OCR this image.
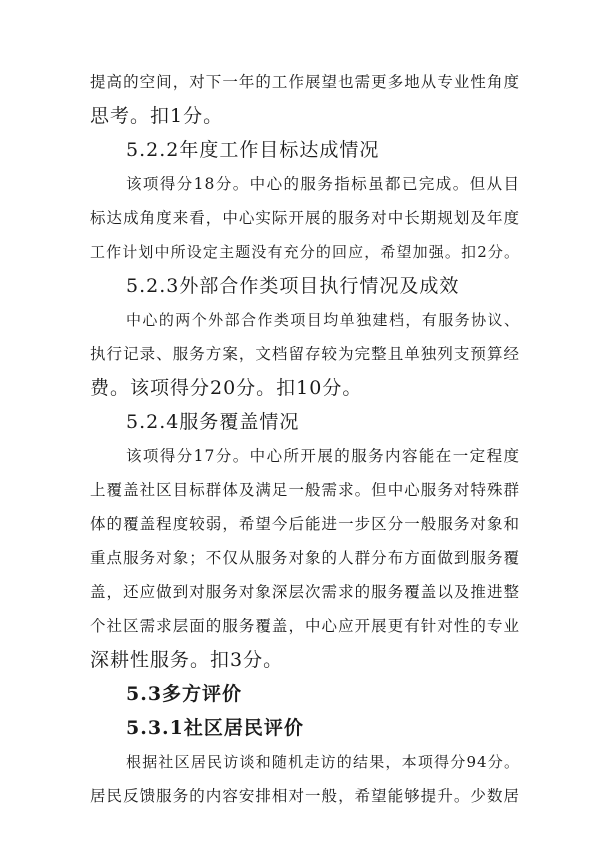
提高的空间，对下一年的工作展望也需更多地从专业性角度
思考。扣1分。
5.2.2年度工作目标达成情况
该项得分18分。中心的服务指标虽都已完成。但从目
标达成角度来看，中心实际开展的服务对中长期规划及年度
工作计划中所设定主题没有充分的回应，希望加强。扣2分。
5.2.3外部合作类项目执行情况及成效
中心的两个外部合作类项目均单独建档，有服务协议、
执行记录、服务方案，文档留存较为完整且单独列支预算经
费。该项得分20分。扣10分。
5.2.4服务覆盖情况
该项得分17分。中心所开展的服务内容能在一定程度
上覆盖社区目标群体及满足一般需求。但中心服务对特殊群
体的覆盖程度较弱，希望今后能进一步区分一般服务对象和
重点服务对象；不仅从服务对象的人群分布方面做到服务覆
盖，还应做到对服务对象深层次需求的服务覆盖以及推进整
个社区需求层面的服务覆盖，中心应开展更有针对性的专业
深耕性服务。扣3分。
5.3多方评价
5.3.1社区居民评价
根据社区居民访谈和随机走访的结果，本项得分94分。
居民反馈服务的内容安排相对一般，希望能够提升。少数居
